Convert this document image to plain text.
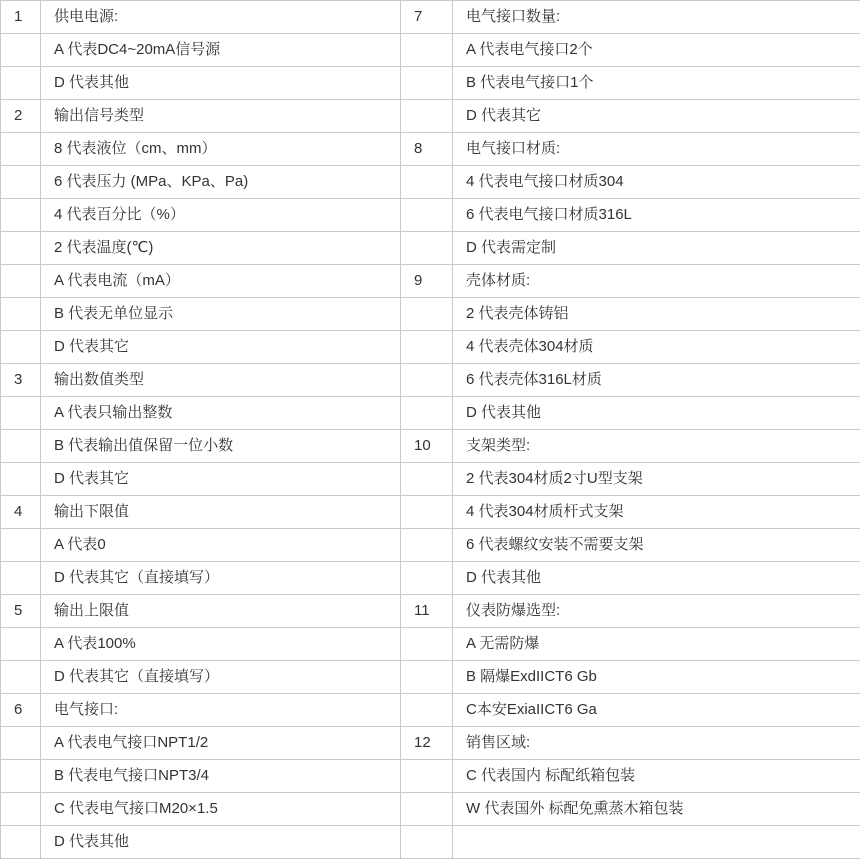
1	供电电源:	7	电气接口数量:
	A 代表DC4~20mA信号源		A 代表电气接口2个
	D 代表其他		B 代表电气接口1个
2	输出信号类型		D 代表其它
	8 代表液位（cm、mm）	8	电气接口材质:
	6 代表压力 (MPa、KPa、Pa)		4 代表电气接口材质304
	4 代表百分比（%）		6 代表电气接口材质316L
	2 代表温度(℃)		D 代表需定制
	A 代表电流（mA）	9	壳体材质:
	B 代表无单位显示		2 代表壳体铸铝
	D 代表其它		4 代表壳体304材质
3	输出数值类型		6 代表壳体316L材质
	A 代表只输出整数		D 代表其他
	B 代表输出值保留一位小数	10	支架类型:
	D 代表其它		2 代表304材质2寸U型支架
4	输出下限值		4 代表304材质杆式支架
	A 代表0		6 代表螺纹安装不需要支架
	D 代表其它（直接填写）		D 代表其他
5	输出上限值	11	仪表防爆选型:
	A 代表100%		A 无需防爆
	D 代表其它（直接填写）		B 隔爆ExdIICT6 Gb
6	电气接口:		C本安ExiaIICT6 Ga
	A 代表电气接口NPT1/2	12	销售区域:
	B 代表电气接口NPT3/4		C 代表国内 标配纸箱包装
	C 代表电气接口M20×1.5		W 代表国外 标配免熏蒸木箱包装
	D 代表其他		
